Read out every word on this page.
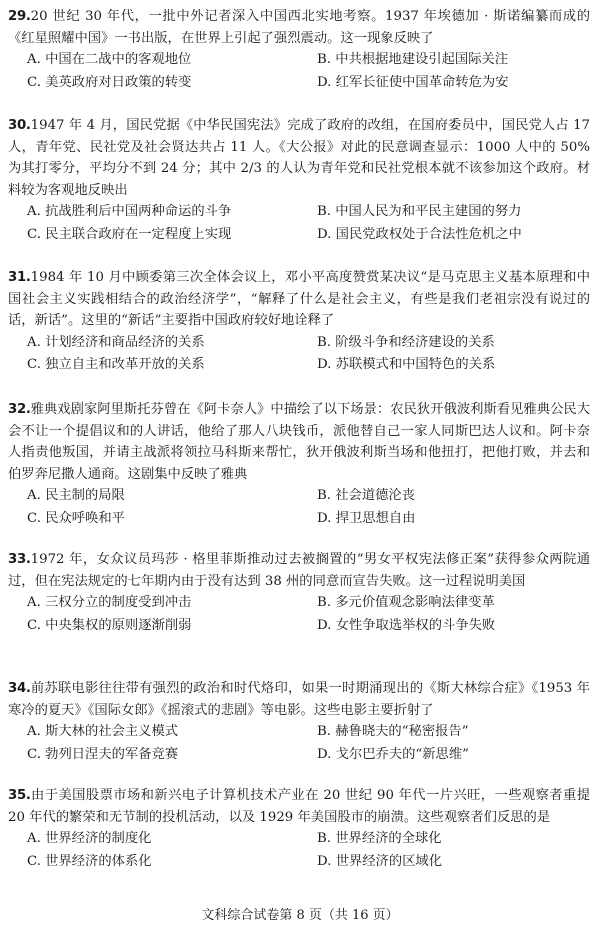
29.20 世纪 30 年代，一批中外记者深入中国西北实地考察。1937 年埃德加 · 斯诺编纂而成的《红星照耀中国》一书出版，在世界上引起了强烈震动。这一现象反映了

A. 中国在二战中的客观地位	B. 中共根据地建设引起国际关注
C. 美英政府对日政策的转变	D. 红军长征使中国革命转危为安

30.1947 年 4 月，国民党据《中华民国宪法》完成了政府的改组，在国府委员中，国民党人占 17 人，青年党、民社党及社会贤达共占 11 人。《大公报》对此的民意调查显示：1000 人中的 50% 为其打零分，平均分不到 24 分；其中 2/3 的人认为青年党和民社党根本就不该参加这个政府。材料较为客观地反映出

A. 抗战胜利后中国两种命运的斗争	B. 中国人民为和平民主建国的努力
C. 民主联合政府在一定程度上实现	D. 国民党政权处于合法性危机之中

31.1984 年 10 月中顾委第三次全体会议上，邓小平高度赞赏某决议“是马克思主义基本原理和中国社会主义实践相结合的政治经济学”，“解释了什么是社会主义，有些是我们老祖宗没有说过的话，新话”。这里的“新话”主要指中国政府较好地诠释了

A. 计划经济和商品经济的关系	B. 阶级斗争和经济建设的关系
C. 独立自主和改革开放的关系	D. 苏联模式和中国特色的关系

32.雅典戏剧家阿里斯托芬曾在《阿卡奈人》中描绘了以下场景：农民狄开俄波利斯看见雅典公民大会不让一个提倡议和的人讲话，他给了那人八块钱币，派他替自己一家人同斯巴达人议和。阿卡奈人指责他叛国，并请主战派将领拉马科斯来帮忙，狄开俄波利斯当场和他扭打，把他打败，并去和伯罗奔尼撒人通商。这剧集中反映了雅典

A. 民主制的局限	B. 社会道德沦丧
C. 民众呼唤和平	D. 捍卫思想自由

33.1972 年，女众议员玛莎 · 格里菲斯推动过去被搁置的“男女平权宪法修正案”获得参众两院通过，但在宪法规定的七年期内由于没有达到 38 州的同意而宣告失败。这一过程说明美国

A. 三权分立的制度受到冲击	B. 多元价值观念影响法律变革
C. 中央集权的原则逐渐削弱	D. 女性争取选举权的斗争失败

34.前苏联电影往往带有强烈的政治和时代烙印，如果一时期涌现出的《斯大林综合症》《1953 年寒冷的夏天》《国际女郎》《摇滚式的悲剧》等电影。这些电影主要折射了

A. 斯大林的社会主义模式	B. 赫鲁晓夫的“秘密报告”
C. 勃列日涅夫的军备竞赛	D. 戈尔巴乔夫的“新思维”

35.由于美国股票市场和新兴电子计算机技术产业在 20 世纪 90 年代一片兴旺，一些观察者重提 20 年代的繁荣和无节制的投机活动，以及 1929 年美国股市的崩溃。这些观察者们反思的是

A. 世界经济的制度化	B. 世界经济的全球化
C. 世界经济的体系化	D. 世界经济的区域化
文科综合试卷第 8 页（共 16 页）
